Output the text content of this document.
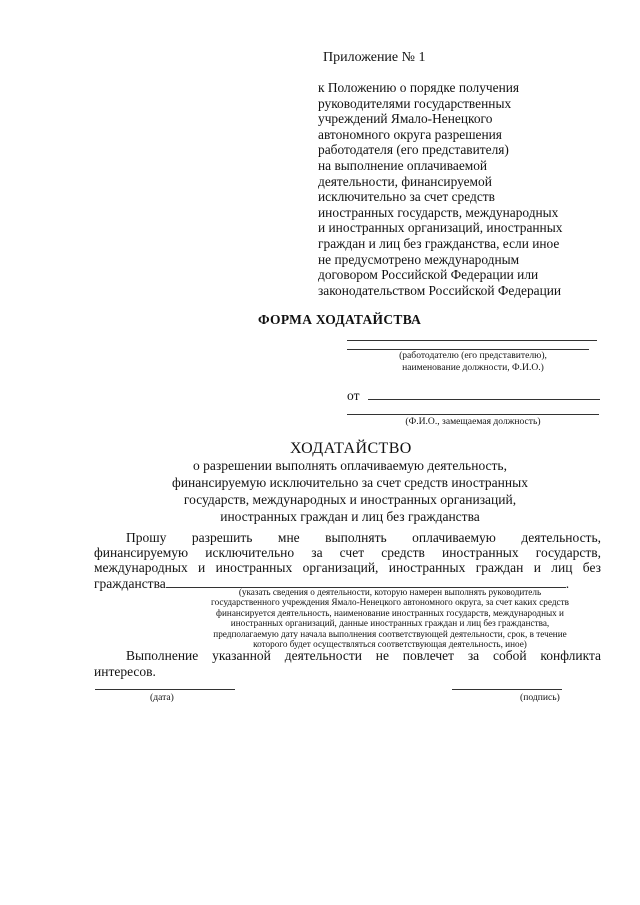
Приложение № 1
к Положению о порядке получения
руководителями государственных
учреждений Ямало-Ненецкого
автономного округа разрешения
работодателя (его представителя)
на выполнение оплачиваемой
деятельности, финансируемой
исключительно за счет средств
иностранных государств, международных
и иностранных организаций, иностранных
граждан и лиц без гражданства, если иное
не предусмотрено международным
договором Российской Федерации или
законодательством Российской Федерации
ФОРМА ХОДАТАЙСТВА
(работодателю (его представителю),
наименование должности, Ф.И.О.)
от
(Ф.И.О., замещаемая должность)
ХОДАТАЙСТВО
о разрешении выполнять оплачиваемую деятельность,
финансируемую исключительно за счет средств иностранных
государств, международных и иностранных организаций,
иностранных граждан и лиц без гражданства
Прошу разрешить мне выполнять оплачиваемую деятельность,
финансируемую исключительно за счет средств иностранных государств,
международных и иностранных организаций, иностранных граждан и лиц без
гражданства	.
(указать сведения о деятельности, которую намерен выполнять руководитель
государственного учреждения Ямало-Ненецкого автономного округа, за счет каких средств
финансируется деятельность, наименование иностранных государств, международных и
иностранных организаций, данные иностранных граждан и лиц без гражданства,
предполагаемую дату начала выполнения соответствующей деятельности, срок, в течение
которого будет осуществляться соответствующая деятельность, иное)
Выполнение указанной деятельности не повлечет за собой конфликта
интересов.
(дата)	(подпись)
